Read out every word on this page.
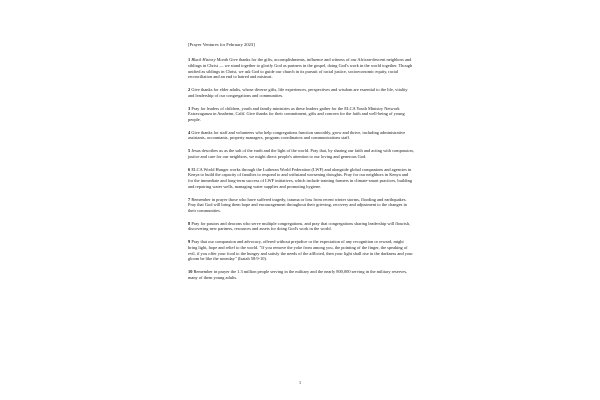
[Prayer Ventures for February 2023]

1 Black History Month Give thanks for the gifts, accomplishments, influence and witness of our African-descent neighbors and siblings in Christ — we stand together to glorify God as partners in the gospel, doing God's work in the world together. Though unified as siblings in Christ, we ask God to guide our church in its pursuit of racial justice, socioeconomic equity, racial reconciliation and an end to hatred and mistrust.

2 Give thanks for elder adults, whose diverse gifts, life experiences, perspectives and wisdom are essential to the life, vitality and leadership of our congregations and communities.

3 Pray for leaders of children, youth and family ministries as these leaders gather for the ELCA Youth Ministry Network Extravaganza in Anaheim, Calif. Give thanks for their commitment, gifts and concern for the faith and well-being of young people.

4 Give thanks for staff and volunteers who help congregations function smoothly, grow and thrive, including administrative assistants, accountants, property managers, program coordinators and communications staff.

5 Jesus describes us as the salt of the earth and the light of the world. Pray that, by sharing our faith and acting with compassion, justice and care for our neighbors, we might direct people's attention to our loving and generous God.

6 ELCA World Hunger works through the Lutheran World Federation (LWF) and alongside global companions and agencies in Kenya to build the capacity of families to respond to and withstand worsening droughts. Pray for our neighbors in Kenya and for the immediate and long-term success of LWF initiatives, which include training farmers in climate-smart practices, building and repairing water wells, managing water supplies and promoting hygiene.

7 Remember in prayer those who have suffered tragedy, trauma or loss from recent winter storms, flooding and earthquakes. Pray that God will bring them hope and encouragement throughout their grieving, recovery and adjustment to the changes in their communities.

8 Pray for pastors and deacons who serve multiple congregations, and pray that congregations sharing leadership will flourish, discovering new partners, resources and assets for doing God's work in the world.

9 Pray that our compassion and advocacy, offered without prejudice or the expectation of any recognition or reward, might bring light, hope and relief to the world. "If you remove the yoke from among you, the pointing of the finger, the speaking of evil, if you offer your food to the hungry and satisfy the needs of the afflicted, then your light shall rise in the darkness and your gloom be like the noonday" (Isaiah 58:9-10).

10 Remember in prayer the 1.3 million people serving in the military and the nearly 800,000 serving in the military reserves, many of them young adults.

1
